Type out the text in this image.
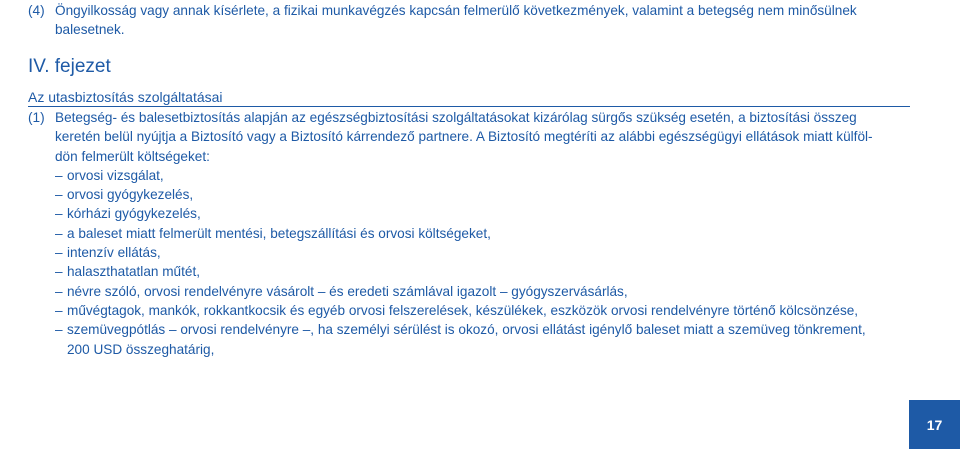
(4) Öngyilkosság vagy annak kísérlete, a fizikai munkavégzés kapcsán felmerülő következmények, valamint a betegség nem minősülnek
balesetnek.
IV. fejezet
Az utasbiztosítás szolgáltatásai
(1) Betegség- és balesetbiztosítás alapján az egészségbiztosítási szolgáltatásokat kizárólag sürgős szükség esetén, a biztosítási összeg
keretén belül nyújtja a Biztosító vagy a Biztosító kárrendező partnere. A Biztosító megtéríti az alábbi egészségügyi ellátások miatt külföl-
dön felmerült költségeket:
– orvosi vizsgálat,
– orvosi gyógykezelés,
– kórházi gyógykezelés,
– a baleset miatt felmerült mentési, betegszállítási és orvosi költségeket,
– intenzív ellátás,
– halaszthatatlan műtét,
– névre szóló, orvosi rendelvényre vásárolt – és eredeti számlával igazolt – gyógyszervásárlás,
– művégtagok, mankók, rokkantkocsik és egyéb orvosi felszerelések, készülékek, eszközök orvosi rendelvényre történő kölcsönzése,
– szemüvegpótlás – orvosi rendelvényre –, ha személyi sérülést is okozó, orvosi ellátást igénylő baleset miatt a szemüveg tönkrement,
200 USD összeghatárig,
17
